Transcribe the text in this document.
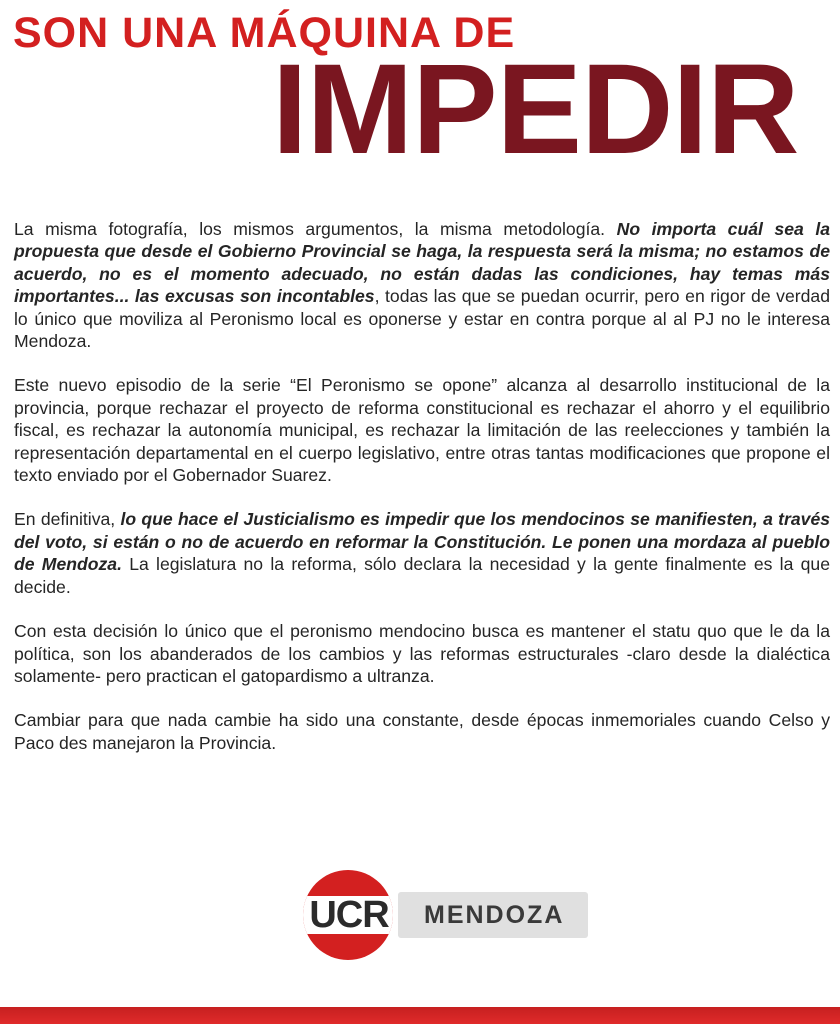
SON UNA MÁQUINA DE
IMPEDIR

La misma fotografía, los mismos argumentos, la misma metodología. No importa cuál sea la propuesta que desde el Gobierno Provincial se haga, la respuesta será la misma; no estamos de acuerdo, no es el momento adecuado, no están dadas las condiciones, hay temas más importantes... las excusas son incontables, todas las que se puedan ocurrir, pero en rigor de verdad lo único que moviliza al Peronismo local es oponerse y estar en contra porque al al PJ no le interesa Mendoza.

Este nuevo episodio de la serie “El Peronismo se opone” alcanza al desarrollo institucional de la provincia, porque rechazar el proyecto de reforma constitucional es rechazar el ahorro y el equilibrio fiscal, es rechazar la autonomía municipal, es rechazar la limitación de las reelecciones y también la representación departamental en el cuerpo legislativo, entre otras tantas modificaciones que propone el texto enviado por el Gobernador Suarez.

En definitiva, lo que hace el Justicialismo es impedir que los mendocinos se manifiesten, a través del voto, si están o no de acuerdo en reformar la Constitución. Le ponen una mordaza al pueblo de Mendoza. La legislatura no la reforma, sólo declara la necesidad y la gente finalmente es la que decide.

Con esta decisión lo único que el peronismo mendocino busca es mantener el statu quo que le da la política, son los abanderados de los cambios y las reformas estructurales -claro desde la dialéctica solamente- pero practican el gatopardismo a ultranza.

Cambiar para que nada cambie ha sido una constante, desde épocas inmemoriales cuando Celso y Paco des manejaron la Provincia.

UCR MENDOZA
